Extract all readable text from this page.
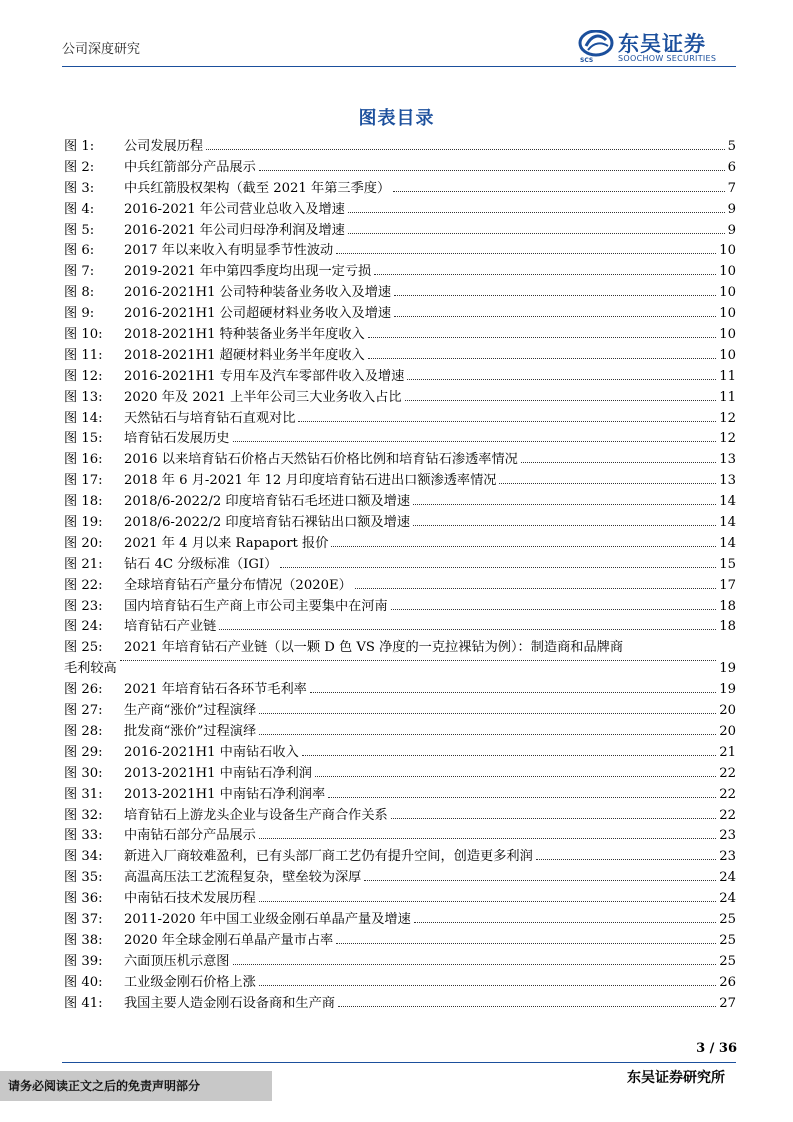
公司深度研究
SCS
东吴证券
SOOCHOW SECURITIES
图表目录
图 1:	公司发展历程	5
图 2:	中兵红箭部分产品展示	6
图 3:	中兵红箭股权架构（截至 2021 年第三季度）	7
图 4:	2016-2021 年公司营业总收入及增速	9
图 5:	2016-2021 年公司归母净利润及增速	9
图 6:	2017 年以来收入有明显季节性波动	10
图 7:	2019-2021 年中第四季度均出现一定亏损	10
图 8:	2016-2021H1 公司特种装备业务收入及增速	10
图 9:	2016-2021H1 公司超硬材料业务收入及增速	10
图 10:	2018-2021H1 特种装备业务半年度收入	10
图 11:	2018-2021H1 超硬材料业务半年度收入	10
图 12:	2016-2021H1 专用车及汽车零部件收入及增速	11
图 13:	2020 年及 2021 上半年公司三大业务收入占比	11
图 14:	天然钻石与培育钻石直观对比	12
图 15:	培育钻石发展历史	12
图 16:	2016 以来培育钻石价格占天然钻石价格比例和培育钻石渗透率情况	13
图 17:	2018 年 6 月-2021 年 12 月印度培育钻石进出口额渗透率情况	13
图 18:	2018/6-2022/2 印度培育钻石毛坯进口额及增速	14
图 19:	2018/6-2022/2 印度培育钻石裸钻出口额及增速	14
图 20:	2021 年 4 月以来 Rapaport 报价	14
图 21:	钻石 4C 分级标准（IGI）	15
图 22:	全球培育钻石产量分布情况（2020E）	17
图 23:	国内培育钻石生产商上市公司主要集中在河南	18
图 24:	培育钻石产业链	18
图 25:	2021 年培育钻石产业链（以一颗 D 色 VS 净度的一克拉裸钻为例）：制造商和品牌商
毛利较高	19
图 26:	2021 年培育钻石各环节毛利率	19
图 27:	生产商“涨价”过程演绎	20
图 28:	批发商“涨价”过程演绎	20
图 29:	2016-2021H1 中南钻石收入	21
图 30:	2013-2021H1 中南钻石净利润	22
图 31:	2013-2021H1 中南钻石净利润率	22
图 32:	培育钻石上游龙头企业与设备生产商合作关系	22
图 33:	中南钻石部分产品展示	23
图 34:	新进入厂商较难盈利，已有头部厂商工艺仍有提升空间，创造更多利润	23
图 35:	高温高压法工艺流程复杂，壁垒较为深厚	24
图 36:	中南钻石技术发展历程	24
图 37:	2011-2020 年中国工业级金刚石单晶产量及增速	25
图 38:	2020 年全球金刚石单晶产量市占率	25
图 39:	六面顶压机示意图	25
图 40:	工业级金刚石价格上涨	26
图 41:	我国主要人造金刚石设备商和生产商	27
3 / 36
请务必阅读正文之后的免责声明部分	东吴证券研究所
